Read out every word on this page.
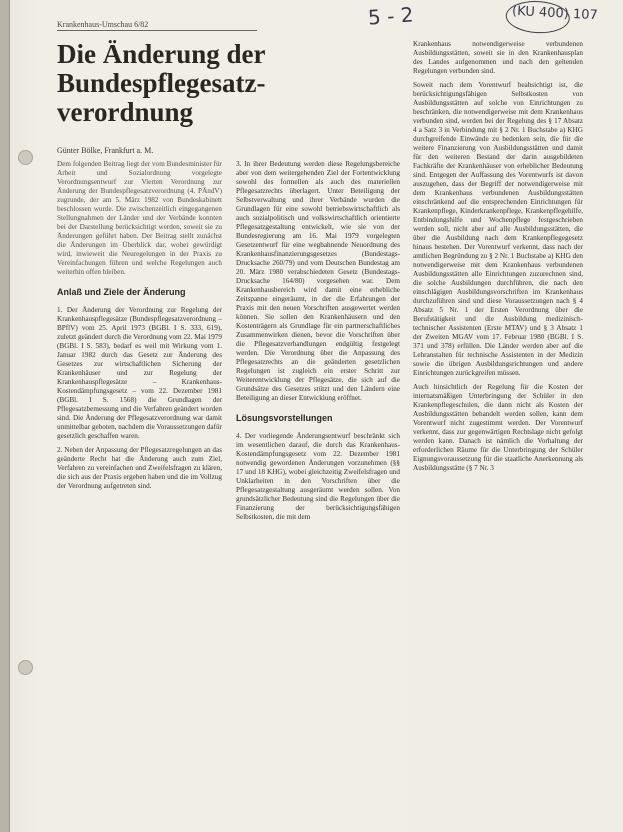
Krankenhaus-Umschau 6/82	5 - 2	(KU 400) 107
Die Änderung der Bundespflegesatz-verordnung
Günter Bölke, Frankfurt a. M.

Dem folgenden Beitrag liegt der vom Bundesminister für Arbeit und Sozialordnung vorgelegte Verordnungsentwurf zur Vierten Verordnung zur Änderung der Bundespflegesatzverordnung (4. PÄndV) zugrunde, der am 5. März 1982 von Bundeskabinett beschlossen wurde. Die zwischenzeitlich eingegangenen Stellungnahmen der Länder und der Verbände konnten bei der Darstellung berücksichtigt werden, soweit sie zu Änderungen geführt haben. Der Beitrag stellt zunächst die Änderungen im Überblick dar, wobei gewürdigt wird, inwieweit die Neuregelungen in der Praxis zu Vereinfachungen führen und welche Regelungen auch weiterhin offen bleiben.

Anlaß und Ziele der Änderung

1. Der Änderung der Verordnung zur Regelung der Krankenhauspflegesätze (Bundespflegesatzverordnung – BPflV) vom 25. April 1973 (BGBl. I S. 333, 619), zuletzt geändert durch die Verordnung vom 22. Mai 1979 (BGBl. I S. 583), bedarf es weil mit Wirkung vom 1. Januar 1982 durch das Gesetz zur Änderung des Gesetzes zur wirtschaftlichen Sicherung der Krankenhäuser und zur Regelung der Krankenhauspflegesätze – Krankenhaus-Kostendämpfungsgesetz – vom 22. Dezember 1981 (BGBl. I S. 1568) die Grundlagen der Pflegesatzbemessung und die Verfahren geändert worden sind. Die Änderung der Pflegesatzverordnung war damit unmittelbar geboten, nachdem die Voraussetzungen dafür gesetzlich geschaffen waren.

2. Neben der Anpassung der Pflegesatzregelungen an das geänderte Recht hat die Änderung auch zum Ziel, Verfahren zu vereinfachen und Zweifelsfragen zu klären, die sich aus der Praxis ergeben haben und die im Vollzug der Verordnung aufgetreten sind.

3. In ihrer Bedeutung werden diese Regelungsbereiche aber von dem weitergehenden Ziel der Fortentwicklung sowohl des formellen als auch des materiellen Pflegesatzrechts überlagert. Unter Beteiligung der Selbstverwaltung und ihrer Verbände wurden die Grundlagen für eine sowohl betriebswirtschaftlich als auch sozialpolitisch und volkswirtschaftlich orientierte Pflegesatzgestaltung entwickelt, wie sie von der Bundesregierung am 16. Mai 1979 vorgelegten Gesetzentwurf für eine wegbahnende Neuordnung des Krankenhausfinanzierungsgesetzes (Bundestags-Drucksache 260/79) und vom Deutschen Bundestag am 20. März 1980 verabschiedeten Gesetz (Bundestags-Drucksache 164/80) vorgesehen war. Dem Krankenhausbereich wird damit eine erhebliche Zeitspanne eingeräumt, in der die Erfahrungen der Praxis mit den neuen Vorschriften ausgewertet werden können. Sie sollen den Krankenhäusern und den Kostenträgern als Grundlage für ein partnerschaftliches Zusammenwirken dienen, bevor die Vorschriften über die Pflegesatzverhandlungen endgültig festgelegt werden. Die Verordnung über die Anpassung des Pflegesatzrechts an die geänderten gesetzlichen Regelungen ist zugleich ein erster Schritt zur Weiterentwicklung der Pflegesätze, die sich auf die Grundsätze des Gesetzes stützt und den Ländern eine Beteiligung an dieser Entwicklung eröffnet.

Lösungsvorstellungen

4. Der vorliegende Änderungsentwurf beschränkt sich im wesentlichen darauf, die durch das Krankenhaus-Kostendämpfungsgesetz vom 22. Dezember 1981 notwendig gewordenen Änderungen vorzunehmen (§§ 17 und 18 KHG), wobei gleichzeitig Zweifelsfragen und Unklarheiten in den Vorschriften über die Pflegesatzgestaltung ausgeräumt werden sollen. Von grundsätzlicher Bedeutung sind die Regelungen über die Finanzierung der berücksichtigungsfähigen Selbstkosten, die mit dem

Krankenhaus notwendigerweise verbundenen Ausbildungsstätten, soweit sie in den Krankenhausplan des Landes aufgenommen und nach den geltenden Regelungen verbunden sind.

Soweit nach dem Vorentwurf beabsichtigt ist, die berücksichtigungsfähigen Selbstkosten von Ausbildungsstätten auf solche von Einrichtungen zu beschränken, die notwendigerweise mit dem Krankenhaus verbunden sind, werden bei der Regelung des § 17 Absatz 4 a Satz 3 in Verbindung mit § 2 Nr. 1 Buchstabe a) KHG durchgreifende Einwände zu bedenken sein, die für die weitere Finanzierung von Ausbildungsstätten und damit für den weiteren Bestand der darin ausgebildeten Fachkräfte der Krankenhäuser von erheblicher Bedeutung sind. Entgegen der Auffassung des Vorentwurfs ist davon auszugehen, dass der Begriff der notwendigerweise mit dem Krankenhaus verbundenen Ausbildungsstätten einschränkend auf die entsprechenden Einrichtungen für Krankenpflege, Kinderkrankenpflege, Krankenpflegehilfe, Entbindungshilfe und Wochenpflege festgeschrieben werden soll, nicht aber auf alle Ausbildungsstätten, die über die Ausbildung nach dem Krankenpflegegesetz hinaus bestehen. Der Vorentwurf verkennt, dass nach der amtlichen Begründung zu § 2 Nr. 1 Buchstabe a) KHG den notwendigerweise mit dem Krankenhaus verbundenen Ausbildungsstätten alle Einrichtungen zuzurechnen sind, die solche Ausbildungen durchführen, die nach den einschlägigen Ausbildungsvorschriften im Krankenhaus durchzuführen sind und diese Voraussetzungen nach § 4 Absatz 5 Nr. 1 der Ersten Verordnung über die Berufstätigkeit und die Ausbildung medizinisch-technischer Assistenten (Erste MTAV) und § 3 Absatz 1 der Zweiten MGAV vom 17. Februar 1980 (BGBl. I S. 371 und 378) erfüllen. Die Länder werden aber auf die Lehranstalten für technische Assistenten in der Medizin sowie die übrigen Ausbildungsrichtungen und andere Einrichtungen zurückgreifen müssen.

Auch hinsichtlich der Regelung für die Kosten der internatsmäßigen Unterbringung der Schüler in den Krankenpflegeschulen, die dann nicht als Kosten der Ausbildungsstätten behandelt werden sollen, kann dem Vorentwurf nicht zugestimmt werden. Der Vorentwurf verkennt, dass zur gegenwärtigen Rechtslage nicht gefolgt werden kann. Danach ist nämlich die Vorhaltung der erforderlichen Räume für die Unterbringung der Schüler Eignungsvoraussetzung für die staatliche Anerkennung als Ausbildungsstätte (§ 7 Nr. 3
